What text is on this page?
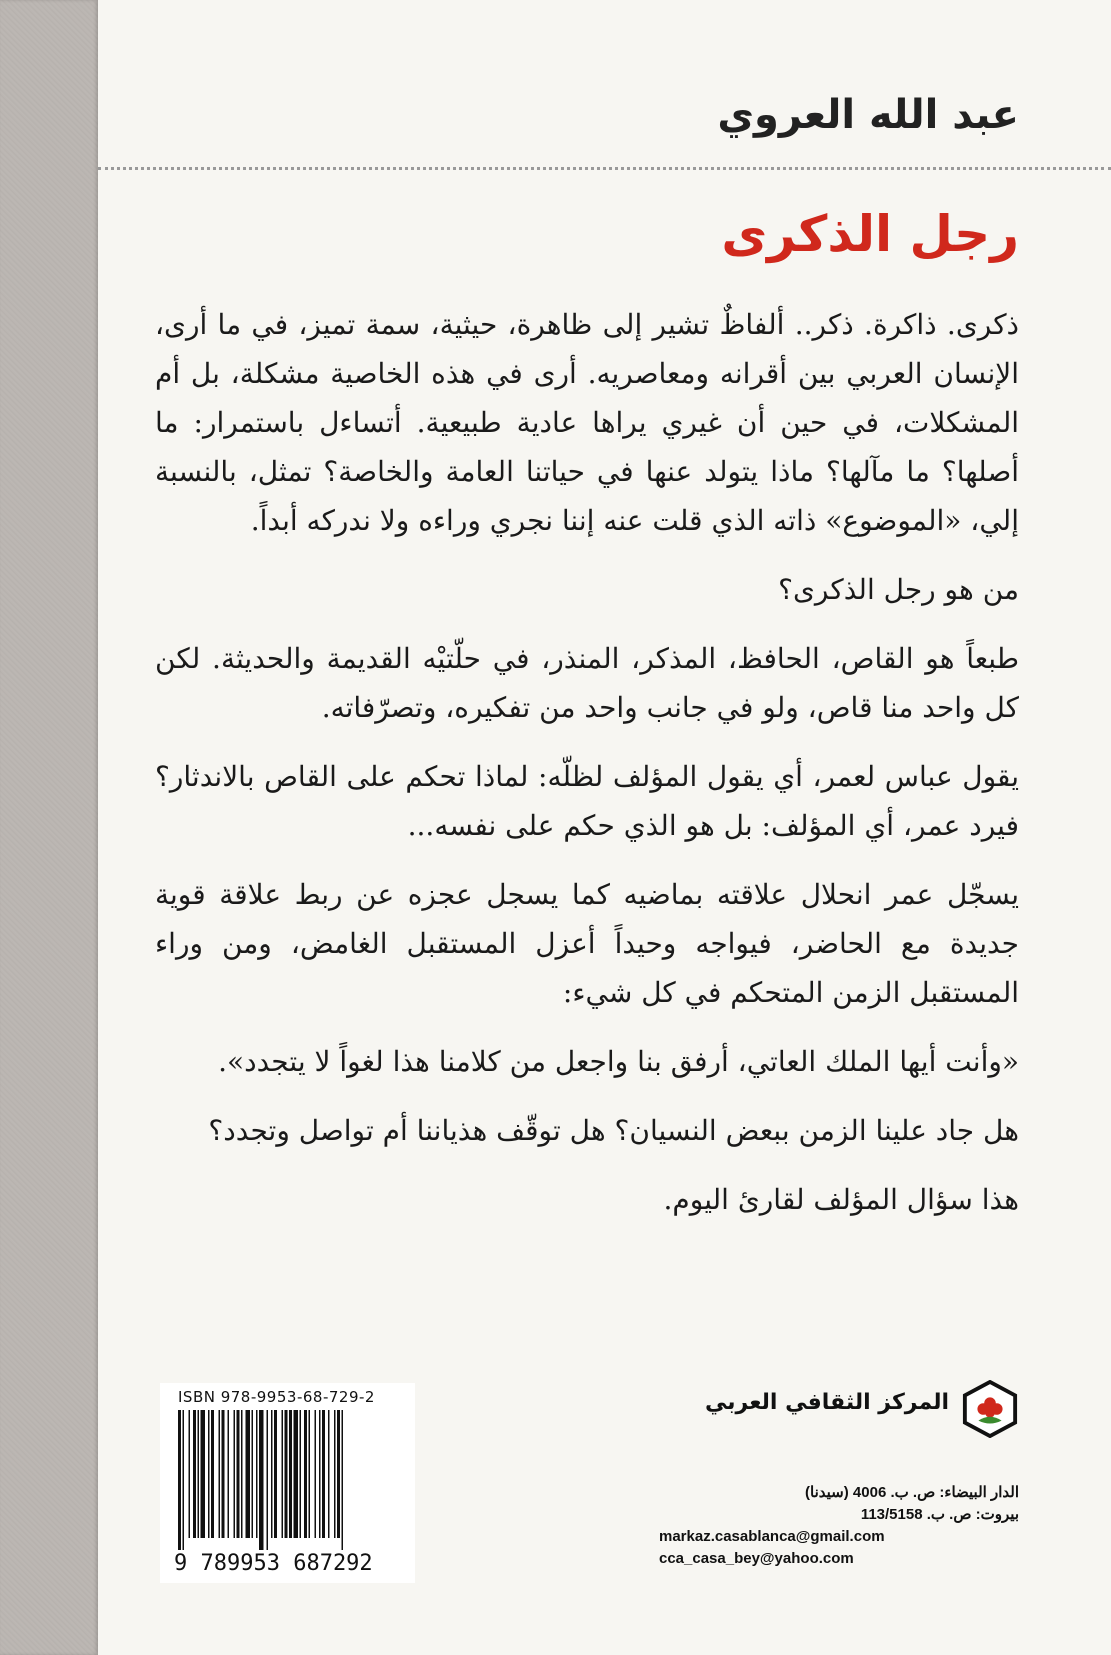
عبد الله العروي
رجل الذكرى

ذكرى. ذاكرة. ذكر.. ألفاظٌ تشير إلى ظاهرة، حيثية، سمة تميز، في ما أرى، الإنسان العربي بين أقرانه ومعاصريه. أرى في هذه الخاصية مشكلة، بل أم المشكلات، في حين أن غيري يراها عادية طبيعية. أتساءل باستمرار: ما أصلها؟ ما مآلها؟ ماذا يتولد عنها في حياتنا العامة والخاصة؟ تمثل، بالنسبة إلي، «الموضوع» ذاته الذي قلت عنه إننا نجري وراءه ولا ندركه أبداً.

من هو رجل الذكرى؟

طبعاً هو القاص، الحافظ، المذكر، المنذر، في حلّتيْه القديمة والحديثة. لكن كل واحد منا قاص، ولو في جانب واحد من تفكيره، وتصرّفاته.

يقول عباس لعمر، أي يقول المؤلف لظلّه: لماذا تحكم على القاص بالاندثار؟ فيرد عمر، أي المؤلف: بل هو الذي حكم على نفسه...

يسجّل عمر انحلال علاقته بماضيه كما يسجل عجزه عن ربط علاقة قوية جديدة مع الحاضر، فيواجه وحيداً أعزل المستقبل الغامض، ومن وراء المستقبل الزمن المتحكم في كل شيء:

«وأنت أيها الملك العاتي، أرفق بنا واجعل من كلامنا هذا لغواً لا يتجدد».

هل جاد علينا الزمن ببعض النسيان؟ هل توقّف هذياننا أم تواصل وتجدد؟

هذا سؤال المؤلف لقارئ اليوم.

ISBN 978-9953-68-729-2
9 789953 687292
المركز الثقافي العربي
الدار البيضاء: ص. ب. 4006 (سيدنا)
بيروت: ص. ب. 113/5158
markaz.casablanca@gmail.com
cca_casa_bey@yahoo.com
